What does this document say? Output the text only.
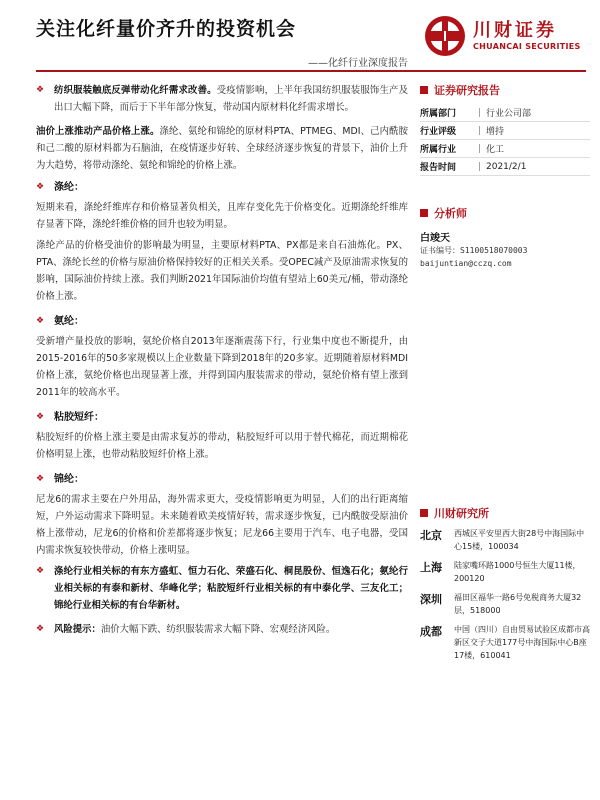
关注化纤量价齐升的投资机会
——化纤行业深度报告
川财证券
CHUANCAI SECURITIES
❖ 纺织服装触底反弹带动化纤需求改善。受疫情影响，上半年我国纺织服装服饰生产及出口大幅下降，而后于下半年部分恢复，带动国内原材料化纤需求增长。

油价上涨推动产品价格上涨。涤纶、氨纶和锦纶的原材料PTA、PTMEG、MDI、己内酰胺和己二酸的原材料都为石脑油，在疫情逐步好转、全球经济逐步恢复的背景下，油价上升为大趋势，将带动涤纶、氨纶和锦纶的价格上涨。

❖ 涤纶：

短期来看，涤纶纤维库存和价格显著负相关，且库存变化先于价格变化。近期涤纶纤维库存显著下降，涤纶纤维价格的回升也较为明显。

涤纶产品的价格受油价的影响最为明显，主要原材料PTA、PX都是来自石油炼化。PX、PTA、涤纶长丝的价格与原油价格保持较好的正相关关系。受OPEC减产及原油需求恢复的影响，国际油价持续上涨。我们判断2021年国际油价均值有望站上60美元/桶，带动涤纶价格上涨。

❖ 氨纶：

受新增产量投放的影响，氨纶价格自2013年逐渐震荡下行，行业集中度也不断提升，由2015-2016年的50多家规模以上企业数量下降到2018年的20多家。近期随着原材料MDI价格上涨，氨纶价格也出现显著上涨，并得到国内服装需求的带动，氨纶价格有望上涨到2011年的较高水平。

❖ 粘胶短纤：

粘胶短纤的价格上涨主要是由需求复苏的带动，粘胶短纤可以用于替代棉花，而近期棉花价格明显上涨，也带动粘胶短纤价格上涨。

❖ 锦纶：

尼龙6的需求主要在户外用品，海外需求更大，受疫情影响更为明显，人们的出行距离缩短，户外运动需求下降明显。未来随着欧美疫情好转，需求逐步恢复，已内酰胺受原油价格上涨带动，尼龙6的价格和价差都将逐步恢复；尼龙66主要用于汽车、电子电器，受国内需求恢复较快带动，价格上涨明显。

❖ 涤纶行业相关标的有东方盛虹、恒力石化、荣盛石化、桐昆股份、恒逸石化；氨纶行业相关标的有泰和新材、华峰化学；粘胶短纤行业相关标的有中泰化学、三友化工；锦纶行业相关标的有台华新材。

❖ 风险提示：油价大幅下跌、纺织服装需求大幅下降、宏观经济风险。

证券研究报告
所属部门	| 行业公司部
行业评级	| 增持
所属行业	| 化工
报告时间	| 2021/2/1
分析师
白竣天
证书编号：S1100518070003
baijuntian@cczq.com
川财研究所
北京	西城区平安里西大街28号中海国际中心15楼，100034
上海	陆家嘴环路1000号恒生大厦11楼，200120
深圳	福田区福华一路6号免税商务大厦32层，518000
成都	中国（四川）自由贸易试验区成都市高新区交子大道177号中海国际中心B座17楼，610041
